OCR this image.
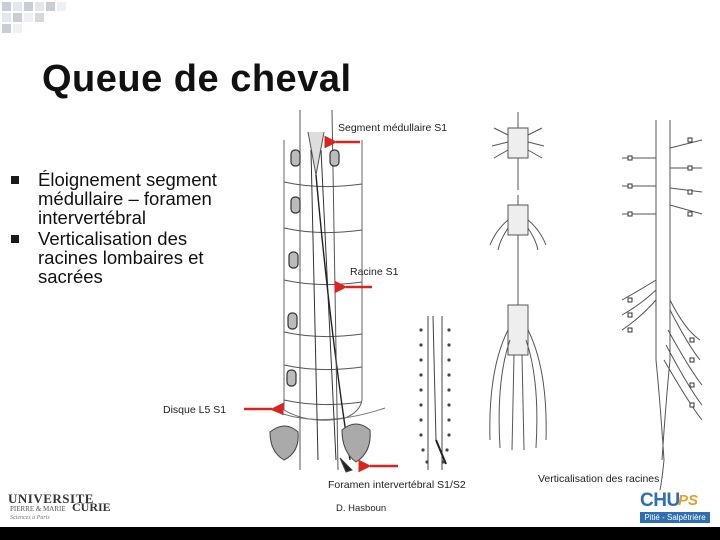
Queue de cheval
Éloignement segment médullaire – foramen intervertébral
Verticalisation des racines lombaires et sacrées
Segment médullaire S1
Racine S1
Disque L5 S1
Foramen intervertébral S1/S2
D. Hasboun
Verticalisation des racines
UNIVERSITE
PIERRE & MARIE CURIE
Sciences à Paris
CHU
PS
Pitié - Salpêtrière
